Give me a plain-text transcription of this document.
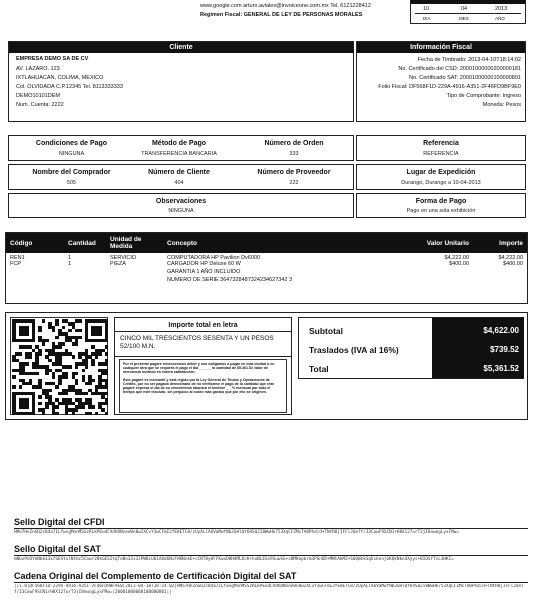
www.google.com arturo.aviales@invoiceone.com.mx Tel. 6121228412
Regimen Fiscal: GENERAL DE LEY DE PERSONAS MORALES
10	04	2013
DIA	MES	AÑO
Cliente
EMPRESA DEMO SA DE CV
AV. LAZARO. 123
IXTLAHUACAN, COLIMA, MEXICO
Col. OLVIDADA C.P.12345 Tel. 8113333333
DEMO10101DEM
Num. Cuenta: 2222
Información Fiscal
Fecha de Timbrado: 2013-04-10T18:14:02
No. Certificado del CSD: 20001000000200000181
No. Certificado SAT: 20001000000100000801
Folio Fiscal: DF568F1D-229A-4916-A351-2F46FD9BF9E0
Tipo de Comprobante: Ingreso
Moneda: Pesos
Condiciones de Pago
NINGUNA
Método de Pago
TRANSFERENCIA BANCARIA
Número de Orden
333
Referencia
REFERENCIA
Nombre del Comprador
505
Número de Cliente
404
Número de Proveedor
222
Lugar de Expedición
Durango, Durango a 10-04-2013
Observaciones
NINGUNA
Forma de Pago
Pago en una sola exhibición
Código	Cantidad	Unidad de Medida	Concepto	Valor Unitario	Importe
REN1	1	SERVICIO	COMPUTADORA HP Pavilion Dv6000	$4,222.00	$4,222.00
FCP	1	PIEZA	CARGADOR HP Deluxe 60 W	$400.00	$400.00
			GARANTIA 1 AÑO INCLUIDO		
			NUMERO DE SERIE 3647328487324234627342 3		
Importe total en letra
CINCO MIL TRESCIENTOS SESENTA Y UN PESOS 52/100 M.N.
Por el presente pagaré reconocemos deber y nos obligamos a pagar en esta ciudad o en cualquier otra que se requiera el pago el día ______ la cantidad de $5,361.52 valor de mercancía recibido en entera satisfacción.
Este pagaré es mercantil y está regido por la Ley General de Títulos y Operaciones de Crédito, por no ser pagado demostrado de no verificarse el pago de la cantidad que este pagaré expresa el día de su vencimiento abonará el tenedor ___% mensual por todo el tiempo que esté insoluto, sin perjuicio al cobro más gastos que por ello se originen.
Subtotal	$4,622.00
Traslados (IVA al 16%)	$739.52
Total	$5,361.52
Sello Digital del CFDI
HMo7HnZnGQ2c84a71LfwvgMnnMSSzRLkPEudCVdhDNveeBn8w2XCvY3wCFmI2fE8ETC8/zUyALlA6VaMwfNb3SHlQY69SQ2I8WwHk753XqCFZMcTA0Phd/d+TNtR8jIFFlJQe7f/I3CowF9SCN1rH8X127urT3jI8nwogLyxFMw=
Sello Digital del SAT
mNGxPnDYkNb613x7SEStxlNtbc5Cowr28kGES2tqTeBn33i3JPWBiU61ADd6NiFHKNckE+cCNT8yHFFKwxD8H4MLDcK+huNLESn9SuwSG+z8MKepbrm3PSnDD+MNtAkMZ+S0QWzkSqEcknnjGKQkNkn4Xyys+BIOSf7sL3HKI=
Cadena Original del Complemento de Certificación Digital del SAT
||1.0|DF568F1D-229A-4916-A351-2F46FD9BF9E0|2013-04-10T18:14:02|HMo7HnZnGQ2c84a71LfwvgMnnMSSzRLkPEudCVdhDNveeBn8w2XCvY3wCFmI2fE8ETC8/zUyALlA6VaMwfNb3SHlQY69SQ2I8WwHk753XqCFZMcTA0Phd/d+TNtR8jIFFlJQe7f/I3CowF9SCN1rH8X127urT3jI8nwogLyxFMw=|20001000000100000801||
